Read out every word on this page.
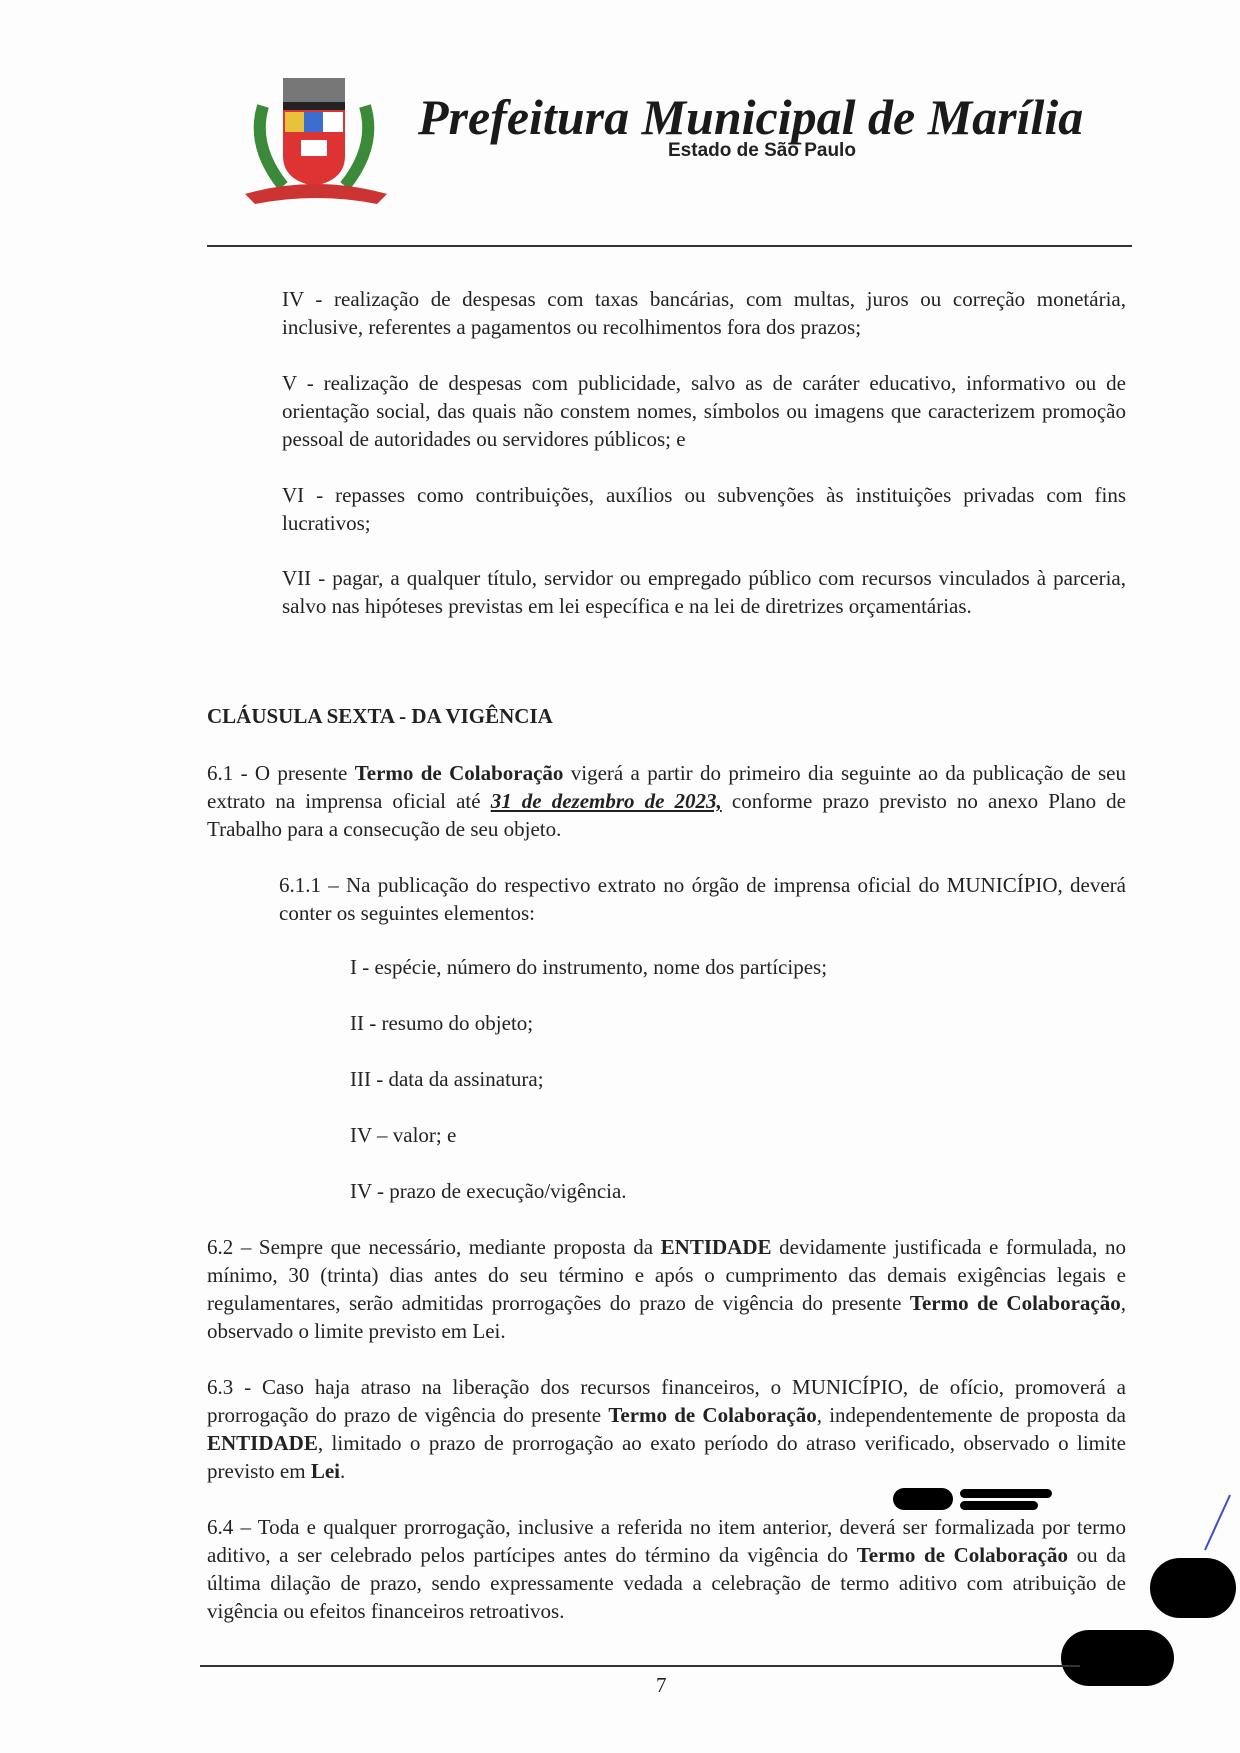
Prefeitura Municipal de Marília
Estado de São Paulo
IV - realização de despesas com taxas bancárias, com multas, juros ou correção monetária, inclusive, referentes a pagamentos ou recolhimentos fora dos prazos;
V - realização de despesas com publicidade, salvo as de caráter educativo, informativo ou de orientação social, das quais não constem nomes, símbolos ou imagens que caracterizem promoção pessoal de autoridades ou servidores públicos; e
VI - repasses como contribuições, auxílios ou subvenções às instituições privadas com fins lucrativos;
VII - pagar, a qualquer título, servidor ou empregado público com recursos vinculados à parceria, salvo nas hipóteses previstas em lei específica e na lei de diretrizes orçamentárias.
CLÁUSULA SEXTA - DA VIGÊNCIA
6.1 - O presente Termo de Colaboração vigerá a partir do primeiro dia seguinte ao da publicação de seu extrato na imprensa oficial até 31 de dezembro de 2023, conforme prazo previsto no anexo Plano de Trabalho para a consecução de seu objeto.
6.1.1 – Na publicação do respectivo extrato no órgão de imprensa oficial do MUNICÍPIO, deverá conter os seguintes elementos:
I - espécie, número do instrumento, nome dos partícipes;
II - resumo do objeto;
III - data da assinatura;
IV – valor; e
IV - prazo de execução/vigência.
6.2 – Sempre que necessário, mediante proposta da ENTIDADE devidamente justificada e formulada, no mínimo, 30 (trinta) dias antes do seu término e após o cumprimento das demais exigências legais e regulamentares, serão admitidas prorrogações do prazo de vigência do presente Termo de Colaboração, observado o limite previsto em Lei.
6.3 - Caso haja atraso na liberação dos recursos financeiros, o MUNICÍPIO, de ofício, promoverá a prorrogação do prazo de vigência do presente Termo de Colaboração, independentemente de proposta da ENTIDADE, limitado o prazo de prorrogação ao exato período do atraso verificado, observado o limite previsto em Lei.
6.4 – Toda e qualquer prorrogação, inclusive a referida no item anterior, deverá ser formalizada por termo aditivo, a ser celebrado pelos partícipes antes do término da vigência do Termo de Colaboração ou da última dilação de prazo, sendo expressamente vedada a celebração de termo aditivo com atribuição de vigência ou efeitos financeiros retroativos.
7
